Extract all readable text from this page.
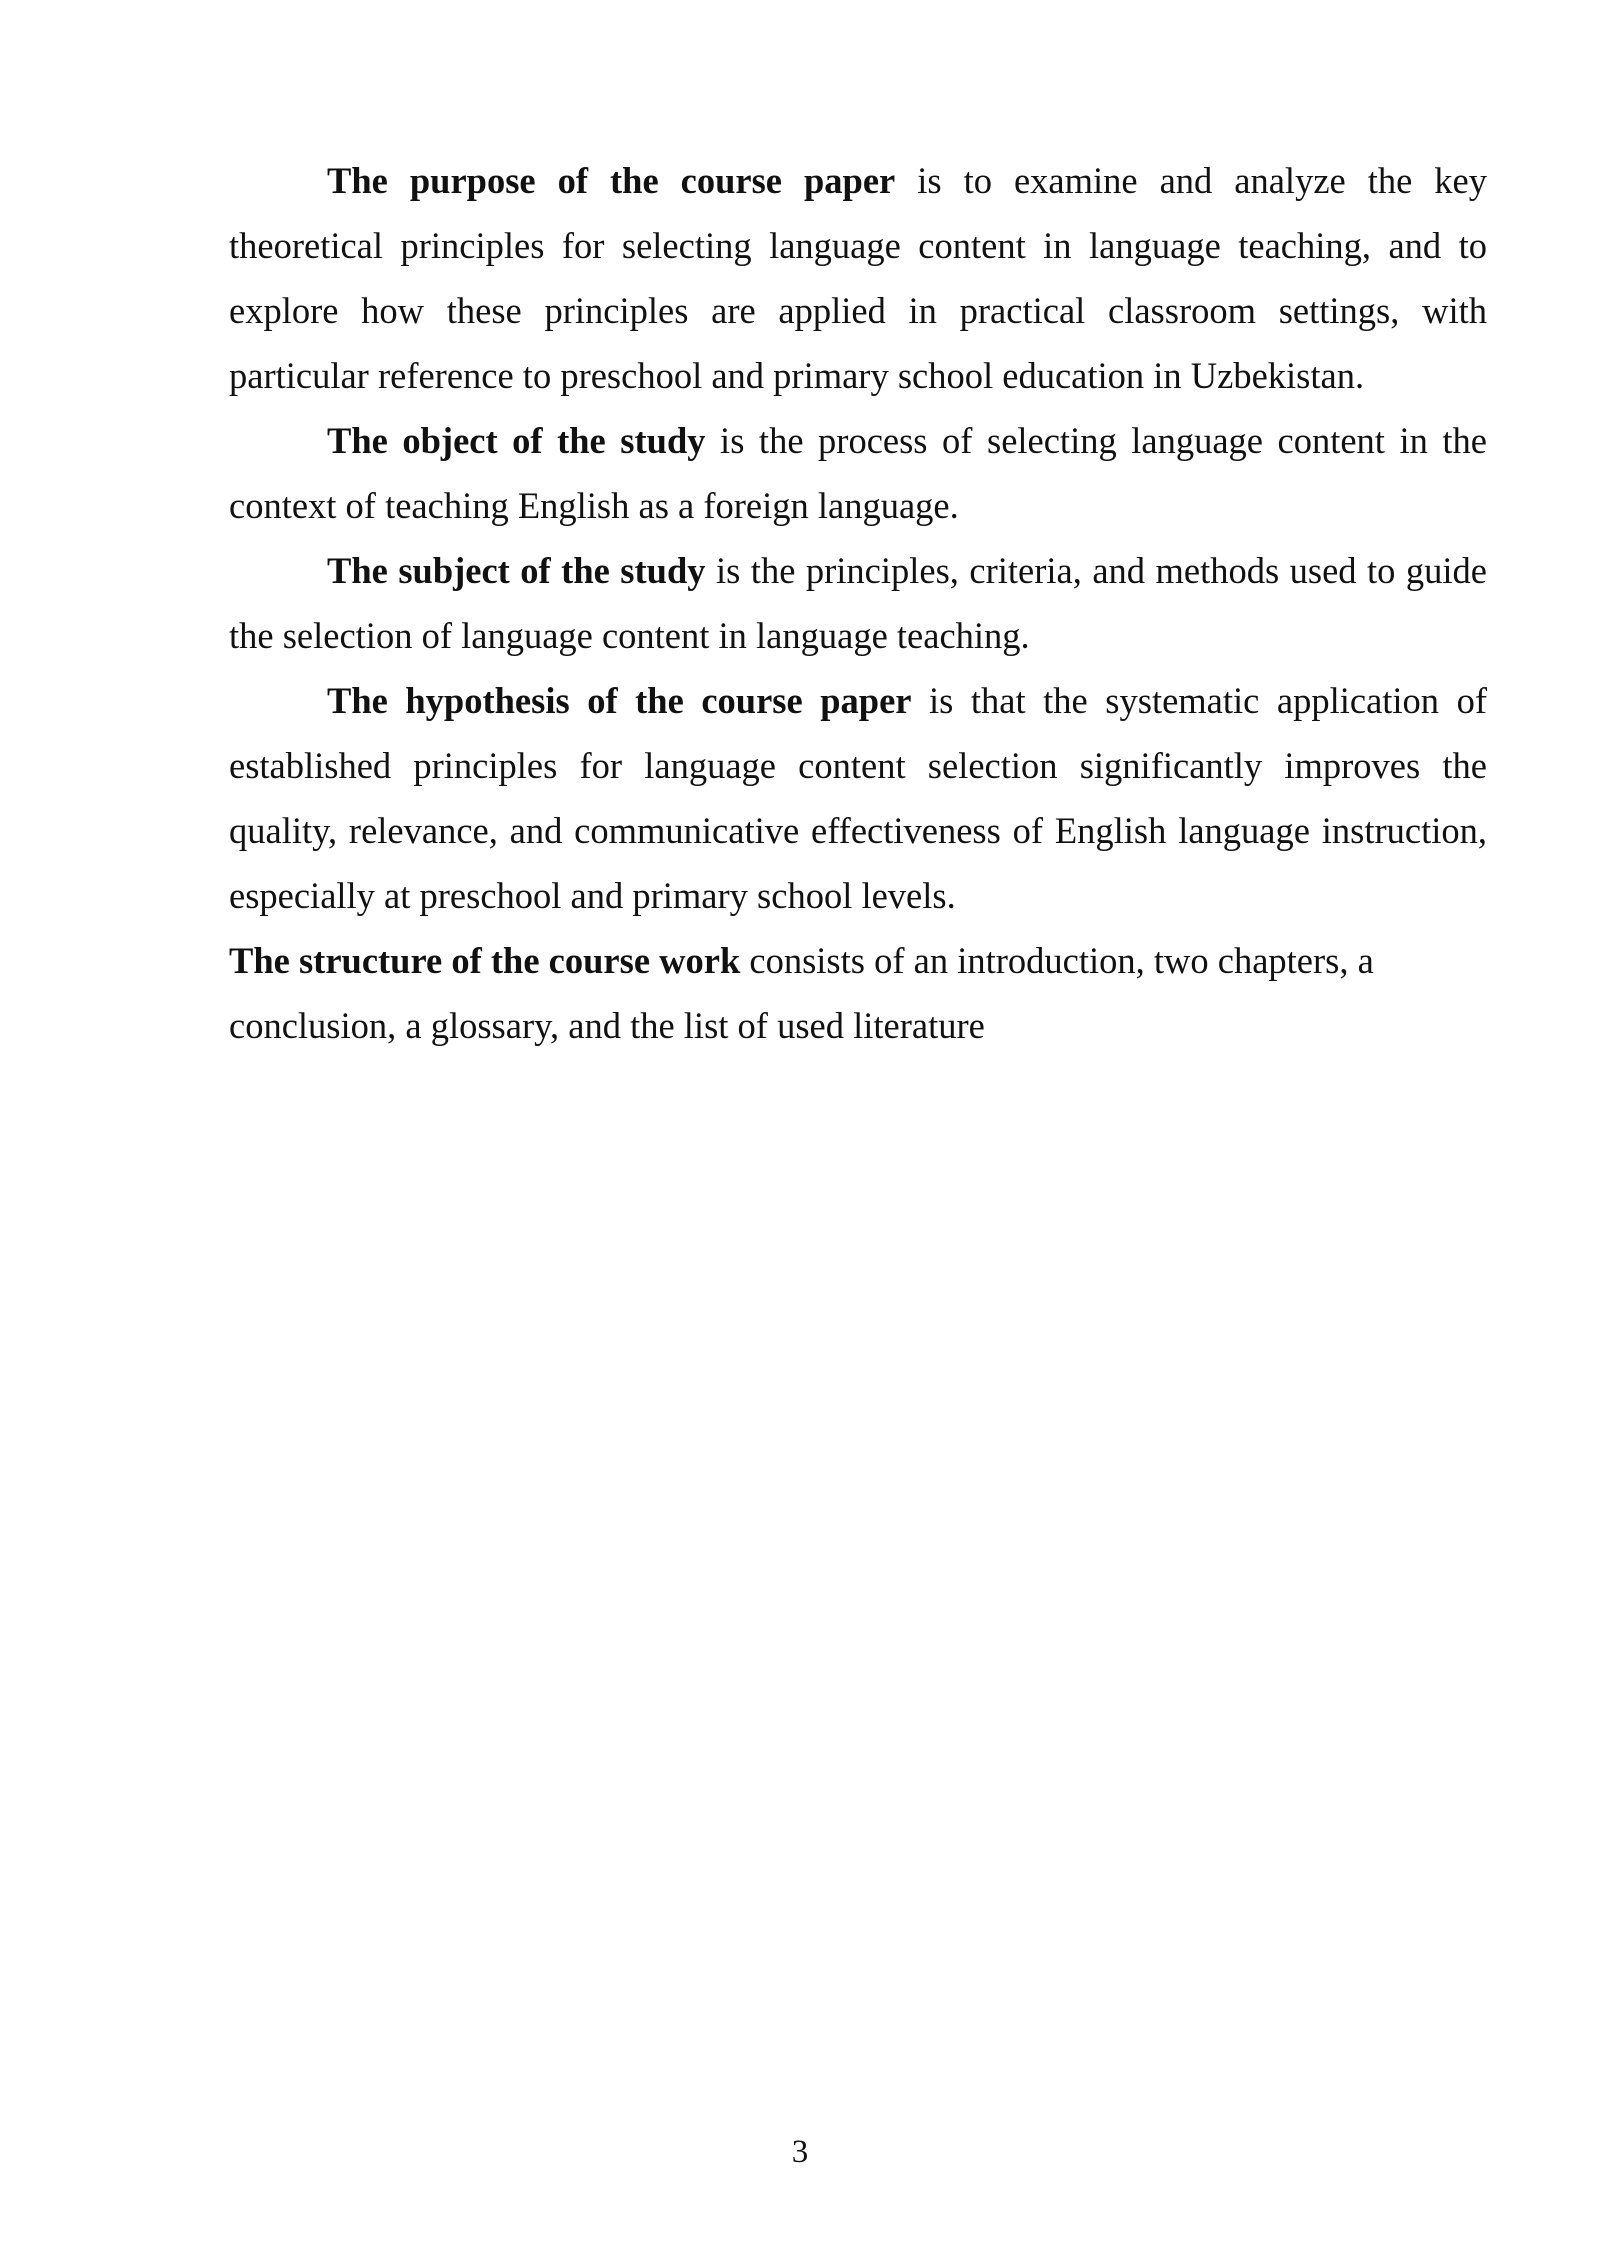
The purpose of the course paper is to examine and analyze the key theoretical principles for selecting language content in language teaching, and to explore how these principles are applied in practical classroom settings, with particular reference to preschool and primary school education in Uzbekistan.

The object of the study is the process of selecting language content in the context of teaching English as a foreign language.

The subject of the study is the principles, criteria, and methods used to guide the selection of language content in language teaching.

The hypothesis of the course paper is that the systematic application of established principles for language content selection significantly improves the quality, relevance, and communicative effectiveness of English language instruction, especially at preschool and primary school levels.

The structure of the course work consists of an introduction, two chapters, a conclusion, a glossary, and the list of used literature

3
